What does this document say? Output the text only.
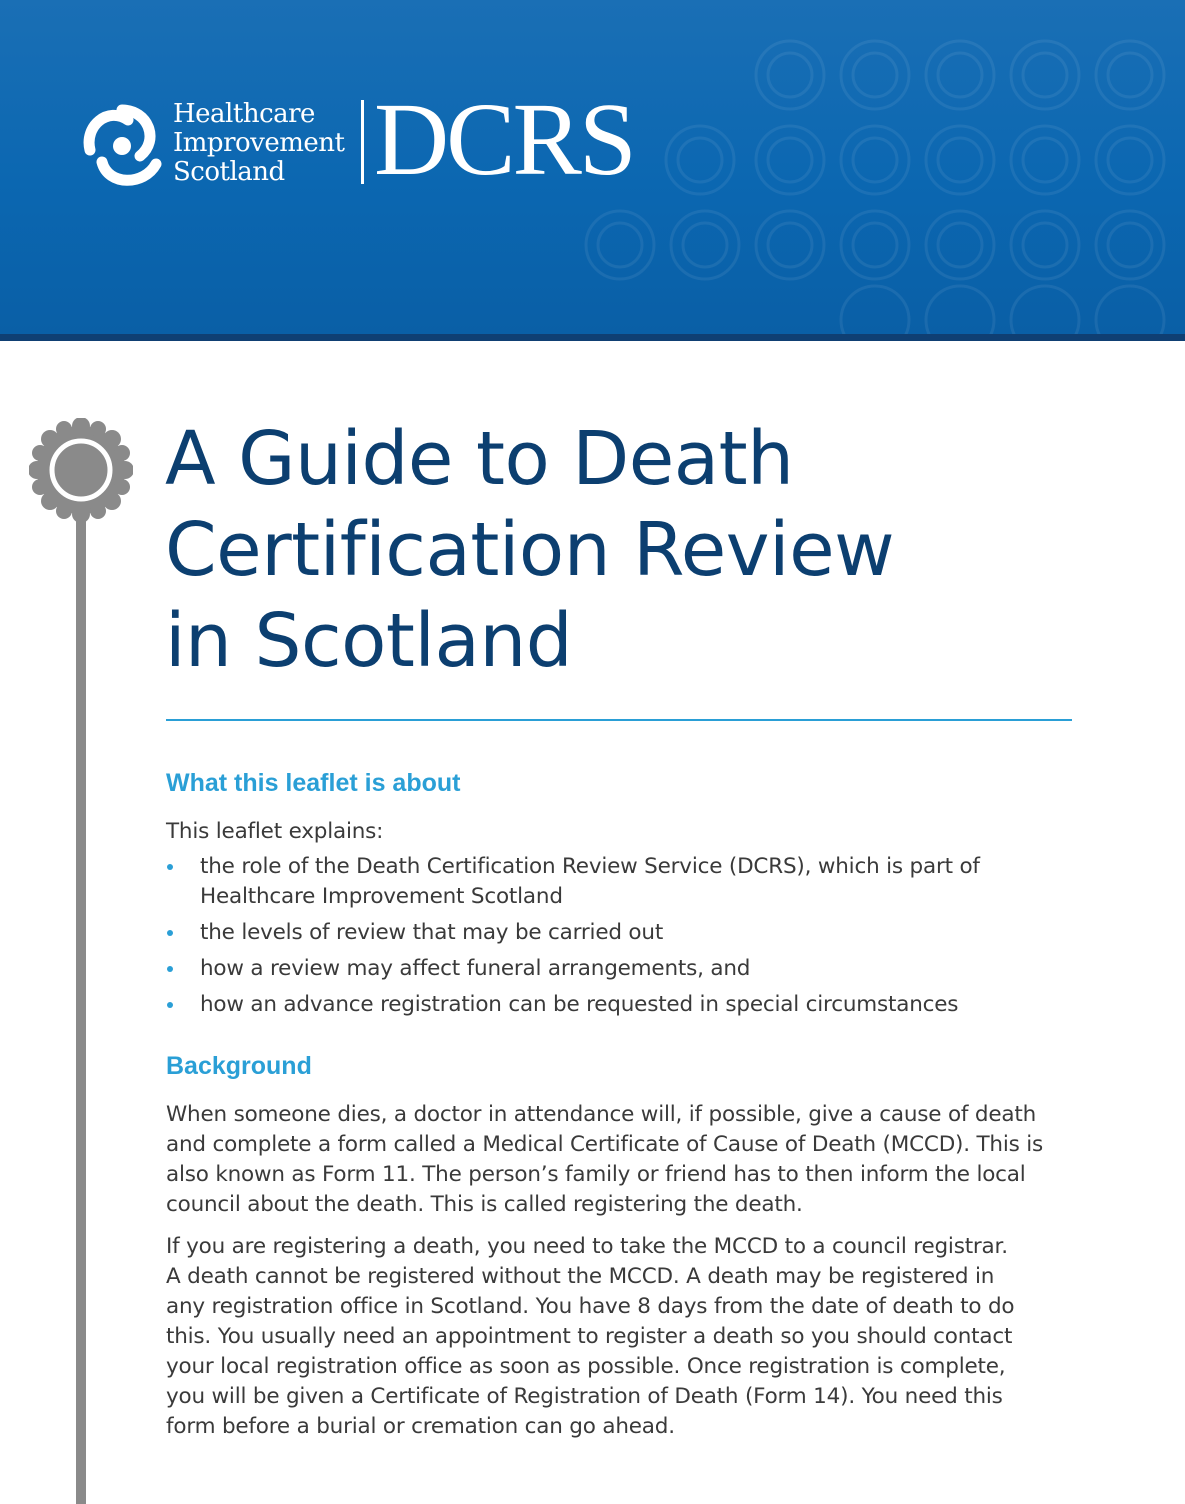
Healthcare
Improvement
Scotland DCRS
A Guide to Death
Certification Review
in Scotland
What this leaflet is about

This leaflet explains:

the role of the Death Certification Review Service (DCRS), which is part of
Healthcare Improvement Scotland
the levels of review that may be carried out
how a review may affect funeral arrangements, and
how an advance registration can be requested in special circumstances
Background

When someone dies, a doctor in attendance will, if possible, give a cause of death
and complete a form called a Medical Certificate of Cause of Death (MCCD). This is
also known as Form 11. The person’s family or friend has to then inform the local
council about the death. This is called registering the death.

If you are registering a death, you need to take the MCCD to a council registrar.
A death cannot be registered without the MCCD. A death may be registered in
any registration office in Scotland. You have 8 days from the date of death to do
this. You usually need an appointment to register a death so you should contact
your local registration office as soon as possible. Once registration is complete,
you will be given a Certificate of Registration of Death (Form 14). You need this
form before a burial or cremation can go ahead.
